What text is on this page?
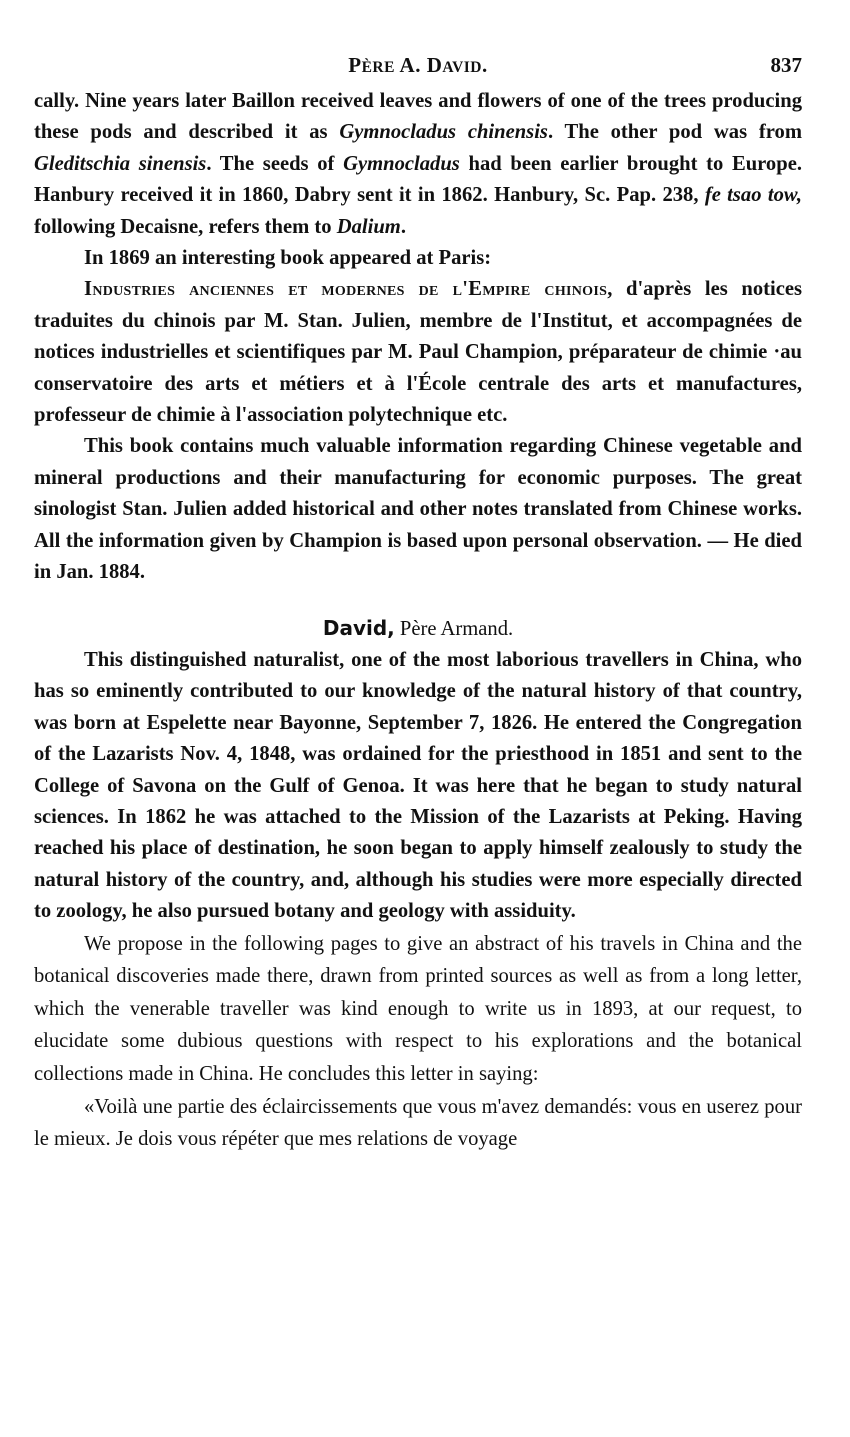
PÈRE A. DAVID.	837

cally. Nine years later Baillon received leaves and flowers of one of the trees producing these pods and described it as Gymnocladus chinensis. The other pod was from Gleditschia sinensis. The seeds of Gymnocladus had been earlier brought to Europe. Hanbury received it in 1860, Dabry sent it in 1862. Hanbury, Sc. Pap. 238, fe tsao tow, following Decaisne, refers them to Dalium.

In 1869 an interesting book appeared at Paris:

Industries anciennes et modernes de l'Empire chinois, d'après les notices traduites du chinois par M. Stan. Julien, membre de l'Institut, et accompagnées de notices industrielles et scientifiques par M. Paul Champion, préparateur de chimie ·au conservatoire des arts et métiers et à l'École centrale des arts et manufactures, professeur de chimie à l'association polytechnique etc.

This book contains much valuable information regarding Chinese vegetable and mineral productions and their manufacturing for economic purposes. The great sinologist Stan. Julien added historical and other notes translated from Chinese works. All the information given by Champion is based upon personal observation. — He died in Jan. 1884.

David, Père Armand.

This distinguished naturalist, one of the most laborious travellers in China, who has so eminently contributed to our knowledge of the natural history of that country, was born at Espelette near Bayonne, September 7, 1826. He entered the Congregation of the Lazarists Nov. 4, 1848, was ordained for the priesthood in 1851 and sent to the College of Savona on the Gulf of Genoa. It was here that he began to study natural sciences. In 1862 he was attached to the Mission of the Lazarists at Peking. Having reached his place of destination, he soon began to apply himself zealously to study the natural history of the country, and, although his studies were more especially directed to zoology, he also pursued botany and geology with assiduity.

We propose in the following pages to give an abstract of his travels in China and the botanical discoveries made there, drawn from printed sources as well as from a long letter, which the venerable traveller was kind enough to write us in 1893, at our request, to elucidate some dubious questions with respect to his explorations and the botanical collections made in China. He concludes this letter in saying:

«Voilà une partie des éclaircissements que vous m'avez demandés: vous en userez pour le mieux. Je dois vous répéter que mes relations de voyage
